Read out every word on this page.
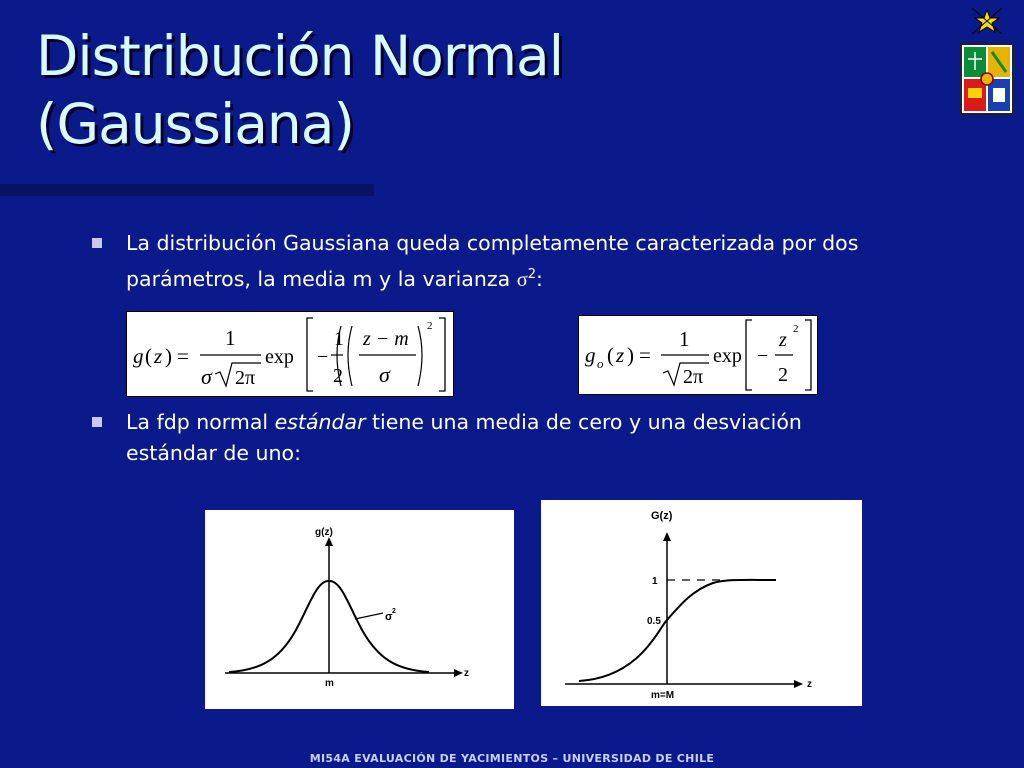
Distribución Normal
(Gaussiana)
La distribución Gaussiana queda completamente caracterizada por dos
parámetros, la media m y la varianza $\sigma^2$:
g ( z ) =
1
σ 2π
exp −
1
2
z − m
σ
2
g o ( z ) =
1
2π
exp −
z
2
2
La fdp normal estándar tiene una media de cero y una desviación
estándar de uno:
g(z)
z
m
σ 2
G(z)
z
1
0.5
m=M
MI54A EVALUACIÓN DE YACIMIENTOS – UNIVERSIDAD DE CHILE
